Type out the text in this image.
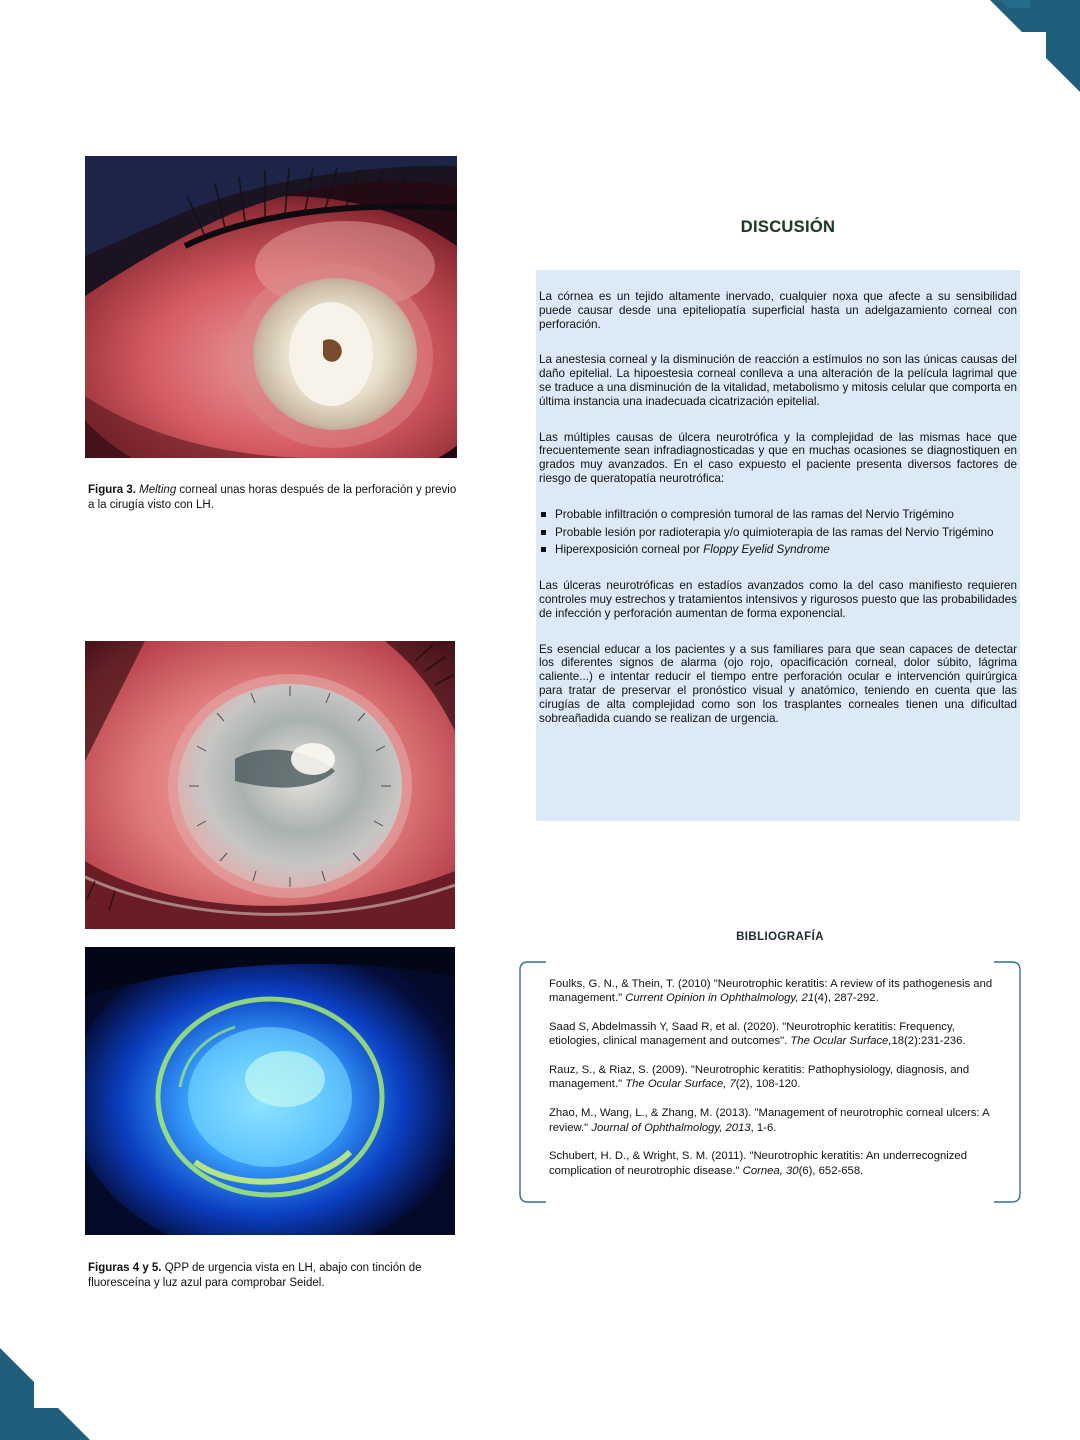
Figura 3. Melting corneal unas horas después de la perforación y previo a la cirugía visto con LH.
Figuras 4 y 5. QPP de urgencia vista en LH, abajo con tinción de fluoresceína y luz azul para comprobar Seidel.
DISCUSIÓN

La córnea es un tejido altamente inervado, cualquier noxa que afecte a su sensibilidad puede causar desde una epiteliopatía superficial hasta un adelgazamiento corneal con perforación.

La anestesia corneal y la disminución de reacción a estímulos no son las únicas causas del daño epitelial. La hipoestesia corneal conlleva a una alteración de la película lagrimal que se traduce a una disminución de la vitalidad, metabolismo y mitosis celular que comporta en última instancia una inadecuada cicatrización epitelial.

Las múltiples causas de úlcera neurotrófica y la complejidad de las mismas hace que frecuentemente sean infradiagnosticadas y que en muchas ocasiones se diagnostiquen en grados muy avanzados. En el caso expuesto el paciente presenta diversos factores de riesgo de queratopatía neurotrófica:

Probable infiltración o compresión tumoral de las ramas del Nervio Trigémino
Probable lesión por radioterapia y/o quimioterapia de las ramas del Nervio Trigémino
Hiperexposición corneal por Floppy Eyelid Syndrome

Las úlceras neurotróficas en estadíos avanzados como la del caso manifiesto requieren controles muy estrechos y tratamientos intensivos y rigurosos puesto que las probabilidades de infección y perforación aumentan de forma exponencial.

Es esencial educar a los pacientes y a sus familiares para que sean capaces de detectar los diferentes signos de alarma (ojo rojo, opacificación corneal, dolor súbito, lágrima caliente...) e intentar reducir el tiempo entre perforación ocular e intervención quirúrgica para tratar de preservar el pronóstico visual y anatómico, teniendo en cuenta que las cirugías de alta complejidad como son los trasplantes corneales tienen una dificultad sobreañadida cuando se realizan de urgencia.

BIBLIOGRAFÍA

Foulks, G. N., & Thein, T. (2010) "Neurotrophic keratitis: A review of its pathogenesis and management." Current Opinion in Ophthalmology, 21(4), 287-292.

Saad S, Abdelmassih Y, Saad R, et al. (2020). "Neurotrophic keratitis: Frequency, etiologies, clinical management and outcomes". The Ocular Surface,18(2):231-236.

Rauz, S., & Riaz, S. (2009). "Neurotrophic keratitis: Pathophysiology, diagnosis, and management." The Ocular Surface, 7(2), 108-120.

Zhao, M., Wang, L., & Zhang, M. (2013). "Management of neurotrophic corneal ulcers: A review." Journal of Ophthalmology, 2013, 1-6.

Schubert, H. D., & Wright, S. M. (2011). "Neurotrophic keratitis: An underrecognized complication of neurotrophic disease." Cornea, 30(6), 652-658.
